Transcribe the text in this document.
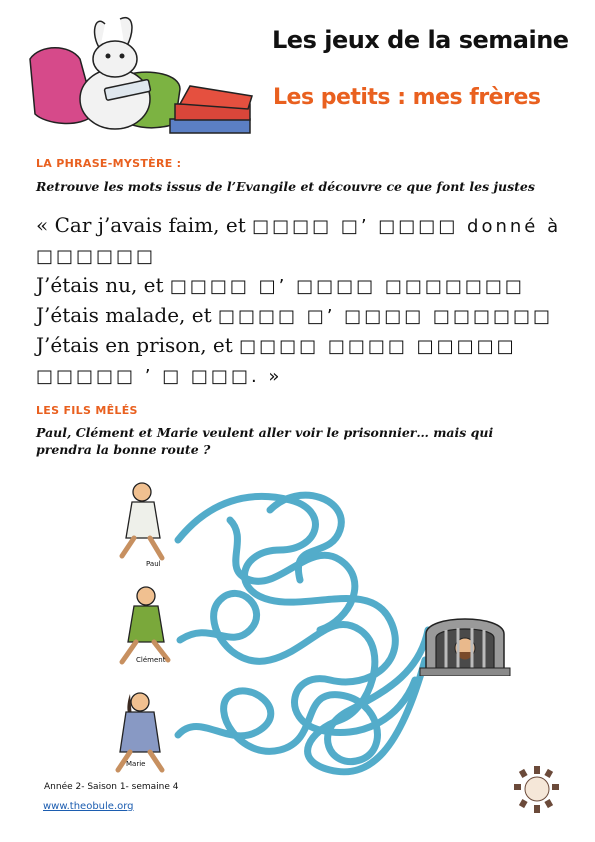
Les jeux de la semaine
Les petits : mes frères
LA PHRASE-MYSTÈRE :
Retrouve les mots issus de l’Evangile et découvre ce que font les justes
« Car j’avais faim, et □□□□ □’ □□□□ donné à
□□□□□□
J’étais nu, et □□□□ □’ □□□□ □□□□□□□
J’étais malade, et □□□□ □’ □□□□ □□□□□□
J’étais en prison, et □□□□ □□□□ □□□□□
□□□□□ ’ □ □□□. »
LES FILS MÊLÉS
Paul, Clément et Marie veulent aller voir le prisonnier… mais qui prendra la bonne route ?
Paul
Clément
Marie
Année 2- Saison 1- semaine 4
www.theobule.org
